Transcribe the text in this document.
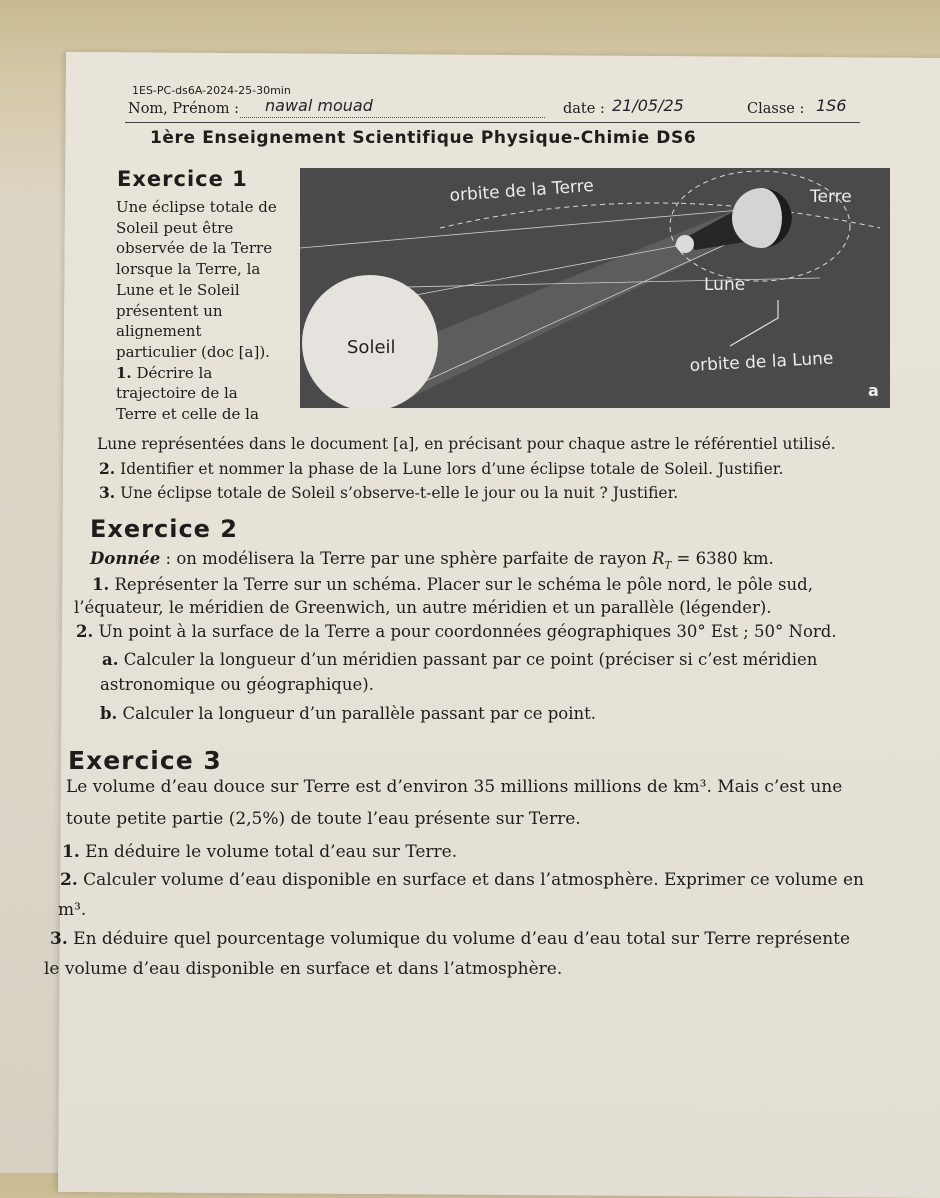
1ES-PC-ds6A-2024-25-30min
Nom, Prénom : nawal mouad	date : 21/05/25	Classe : 1S6
1ère Enseignement Scientifique Physique-Chimie DS6
Exercice 1
Une éclipse totale de
Soleil peut être
observée de la Terre
lorsque la Terre, la
Lune et le Soleil
présentent un
alignement
particulier (doc [a]).
1. Décrire la
trajectoire de la
Terre et celle de la
orbite de la Terre	Terre
Lune
Soleil
orbite de la Lune
a
Lune représentées dans le document [a], en précisant pour chaque astre le référentiel utilisé.
2. Identifier et nommer la phase de la Lune lors d’une éclipse totale de Soleil. Justifier.
3. Une éclipse totale de Soleil s’observe-t-elle le jour ou la nuit ? Justifier.
Exercice 2
Donnée : on modélisera la Terre par une sphère parfaite de rayon $R_T = 6380$ km.
1. Représenter la Terre sur un schéma. Placer sur le schéma le pôle nord, le pôle sud,
l’équateur, le méridien de Greenwich, un autre méridien et un parallèle (légender).
2. Un point à la surface de la Terre a pour coordonnées géographiques 30° Est ; 50° Nord.
a. Calculer la longueur d’un méridien passant par ce point (préciser si c’est méridien
astronomique ou géographique).
b. Calculer la longueur d’un parallèle passant par ce point.
Exercice 3
Le volume d’eau douce sur Terre est d’environ 35 millions millions de km³. Mais c’est une
toute petite partie (2,5%) de toute l’eau présente sur Terre.
1. En déduire le volume total d’eau sur Terre.
2. Calculer volume d’eau disponible en surface et dans l’atmosphère. Exprimer ce volume en
m³.
3. En déduire quel pourcentage volumique du volume d’eau d’eau total sur Terre représente
le volume d’eau disponible en surface et dans l’atmosphère.
